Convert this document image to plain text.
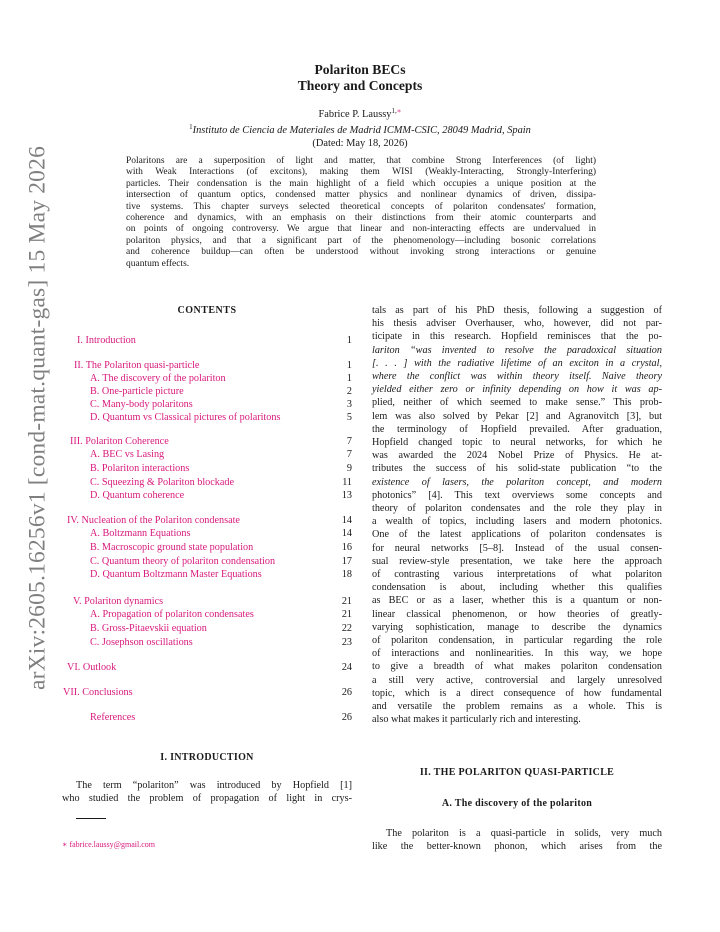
arXiv:2605.16256v1 [cond-mat.quant-gas] 15 May 2026
Polariton BECs
Theory and Concepts
Fabrice P. Laussy$^{1,∗}$
$^1$Instituto de Ciencia de Materiales de Madrid ICMM-CSIC, 28049 Madrid, Spain
(Dated: May 18, 2026)
Polaritons are a superposition of light and matter, that combine Strong Interferences (of light)
with Weak Interactions (of excitons), making them WISI (Weakly-Interacting, Strongly-Interfering)
particles. Their condensation is the main highlight of a field which occupies a unique position at the
intersection of quantum optics, condensed matter physics and nonlinear dynamics of driven, dissipa-
tive systems. This chapter surveys selected theoretical concepts of polariton condensates' formation,
coherence and dynamics, with an emphasis on their distinctions from their atomic counterparts and
on points of ongoing controversy. We argue that linear and non-interacting effects are undervalued in
polariton physics, and that a significant part of the phenomenology—including bosonic correlations
and coherence buildup—can often be understood without invoking strong interactions or genuine
quantum effects.
CONTENTS
I. Introduction	1
II. The Polariton quasi-particle	1
A. The discovery of the polariton	1
B. One-particle picture	2
C. Many-body polaritons	3
D. Quantum vs Classical pictures of polaritons	5
III. Polariton Coherence	7
A. BEC vs Lasing	7
B. Polariton interactions	9
C. Squeezing & Polariton blockade	11
D. Quantum coherence	13
IV. Nucleation of the Polariton condensate	14
A. Boltzmann Equations	14
B. Macroscopic ground state population	16
C. Quantum theory of polariton condensation	17
D. Quantum Boltzmann Master Equations	18
V. Polariton dynamics	21
A. Propagation of polariton condensates	21
B. Gross-Pitaevskii equation	22
C. Josephson oscillations	23
VI. Outlook	24
VII. Conclusions	26
References	26
I. INTRODUCTION
The term “polariton” was introduced by Hopfield [1]
who studied the problem of propagation of light in crys-
∗ fabrice.laussy@gmail.com
tals as part of his PhD thesis, following a suggestion of
his thesis adviser Overhauser, who, however, did not par-
ticipate in this research. Hopfield reminisces that the po-
lariton “was invented to resolve the paradoxical situation
[. . . ] with the radiative lifetime of an exciton in a crystal,
where the conflict was within theory itself. Naive theory
yielded either zero or infinity depending on how it was ap-
plied, neither of which seemed to make sense.” This prob-
lem was also solved by Pekar [2] and Agranovitch [3], but
the terminology of Hopfield prevailed. After graduation,
Hopfield changed topic to neural networks, for which he
was awarded the 2024 Nobel Prize of Physics. He at-
tributes the success of his solid-state publication “to the
existence of lasers, the polariton concept, and modern
photonics” [4]. This text overviews some concepts and
theory of polariton condensates and the role they play in
a wealth of topics, including lasers and modern photonics.
One of the latest applications of polariton condensates is
for neural networks [5–8]. Instead of the usual consen-
sual review-style presentation, we take here the approach
of contrasting various interpretations of what polariton
condensation is about, including whether this qualifies
as BEC or as a laser, whether this is a quantum or non-
linear classical phenomenon, or how theories of greatly-
varying sophistication, manage to describe the dynamics
of polariton condensation, in particular regarding the role
of interactions and nonlinearities. In this way, we hope
to give a breadth of what makes polariton condensation
a still very active, controversial and largely unresolved
topic, which is a direct consequence of how fundamental
and versatile the problem remains as a whole. This is
also what makes it particularly rich and interesting.
II. THE POLARITON QUASI-PARTICLE
A. The discovery of the polariton
The polariton is a quasi-particle in solids, very much
like the better-known phonon, which arises from the
